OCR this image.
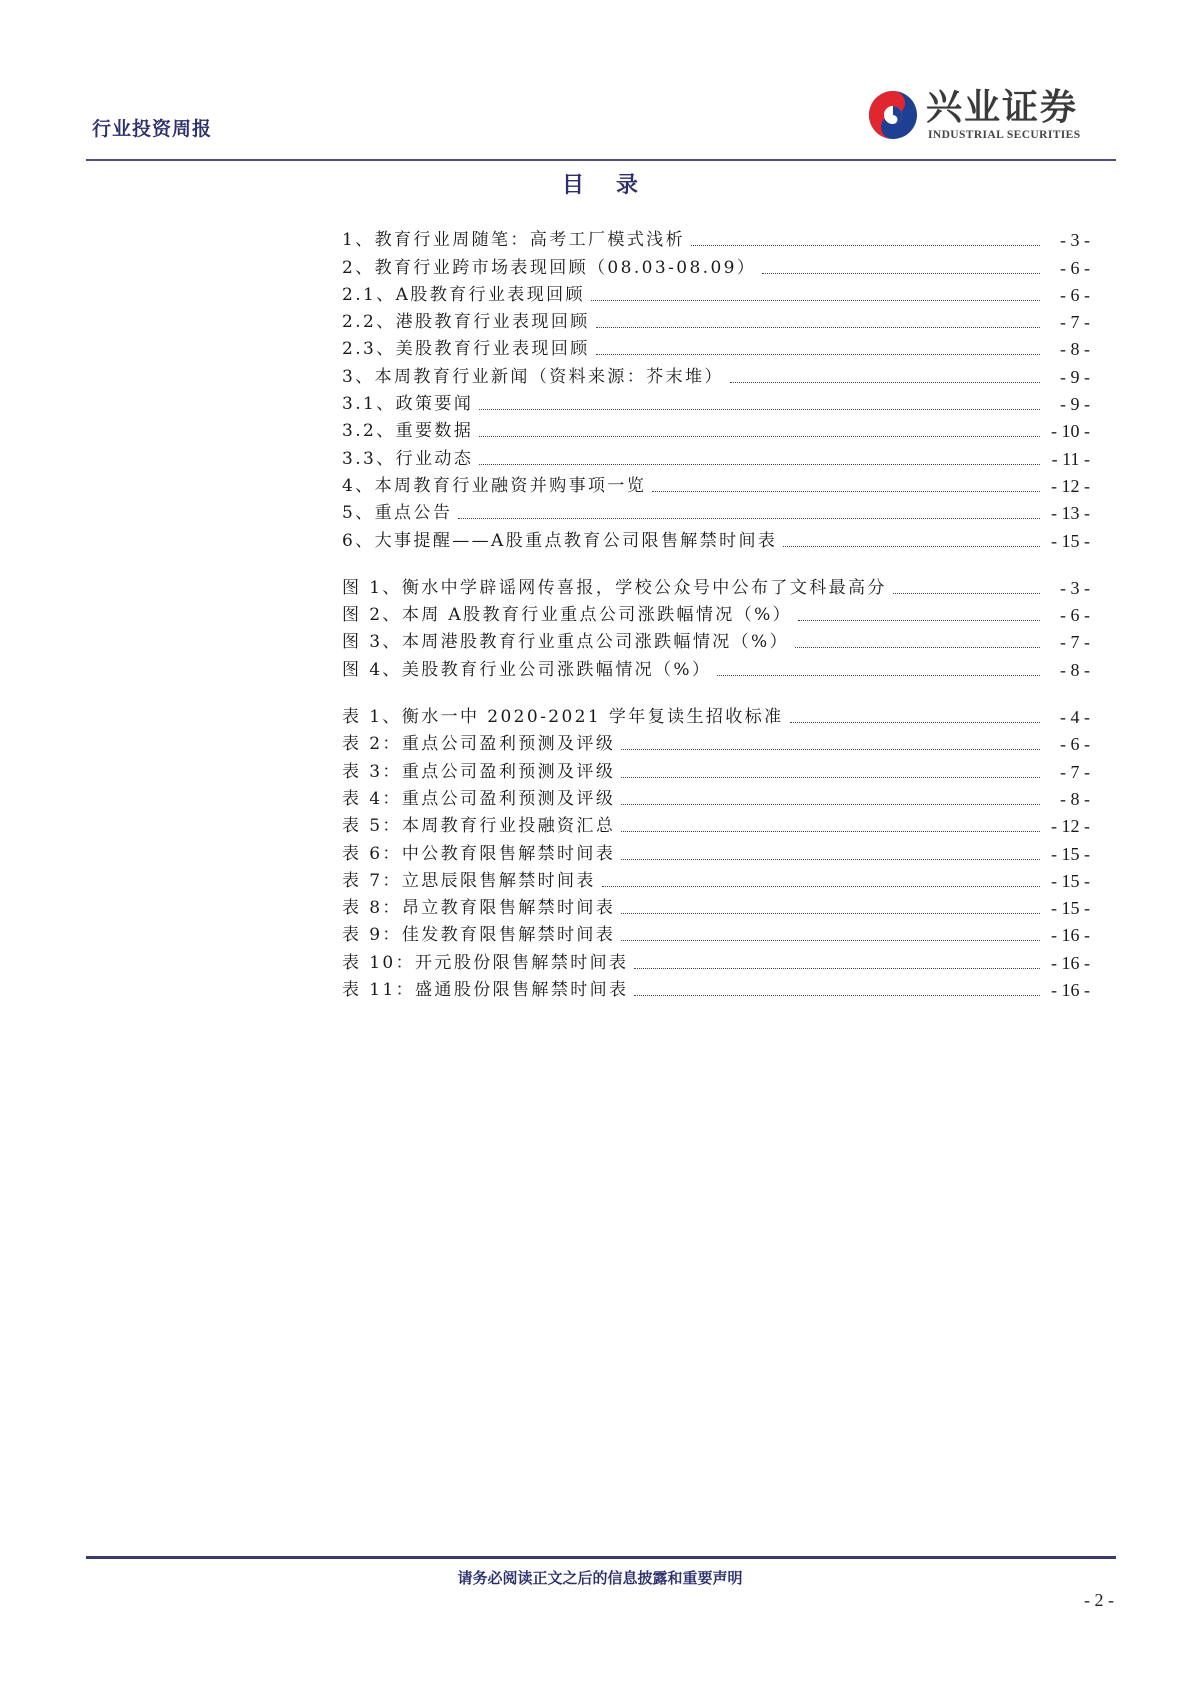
行业投资周报
兴业证券
INDUSTRIAL SECURITIES
目录
1、教育行业周随笔：高考工厂模式浅析	- 3 -
2、教育行业跨市场表现回顾（08.03-08.09）	- 6 -
2.1、A股教育行业表现回顾	- 6 -
2.2、港股教育行业表现回顾	- 7 -
2.3、美股教育行业表现回顾	- 8 -
3、本周教育行业新闻（资料来源：芥末堆）	- 9 -
3.1、政策要闻	- 9 -
3.2、重要数据	- 10 -
3.3、行业动态	- 11 -
4、本周教育行业融资并购事项一览	- 12 -
5、重点公告	- 13 -
6、大事提醒——A股重点教育公司限售解禁时间表	- 15 -
图 1、衡水中学辟谣网传喜报，学校公众号中公布了文科最高分	- 3 -
图 2、本周 A股教育行业重点公司涨跌幅情况（%）	- 6 -
图 3、本周港股教育行业重点公司涨跌幅情况（%）	- 7 -
图 4、美股教育行业公司涨跌幅情况（%）	- 8 -
表 1、衡水一中 2020-2021 学年复读生招收标准	- 4 -
表 2：重点公司盈利预测及评级	- 6 -
表 3：重点公司盈利预测及评级	- 7 -
表 4：重点公司盈利预测及评级	- 8 -
表 5：本周教育行业投融资汇总	- 12 -
表 6：中公教育限售解禁时间表	- 15 -
表 7：立思辰限售解禁时间表	- 15 -
表 8：昂立教育限售解禁时间表	- 15 -
表 9：佳发教育限售解禁时间表	- 16 -
表 10：开元股份限售解禁时间表	- 16 -
表 11：盛通股份限售解禁时间表	- 16 -
请务必阅读正文之后的信息披露和重要声明
- 2 -
